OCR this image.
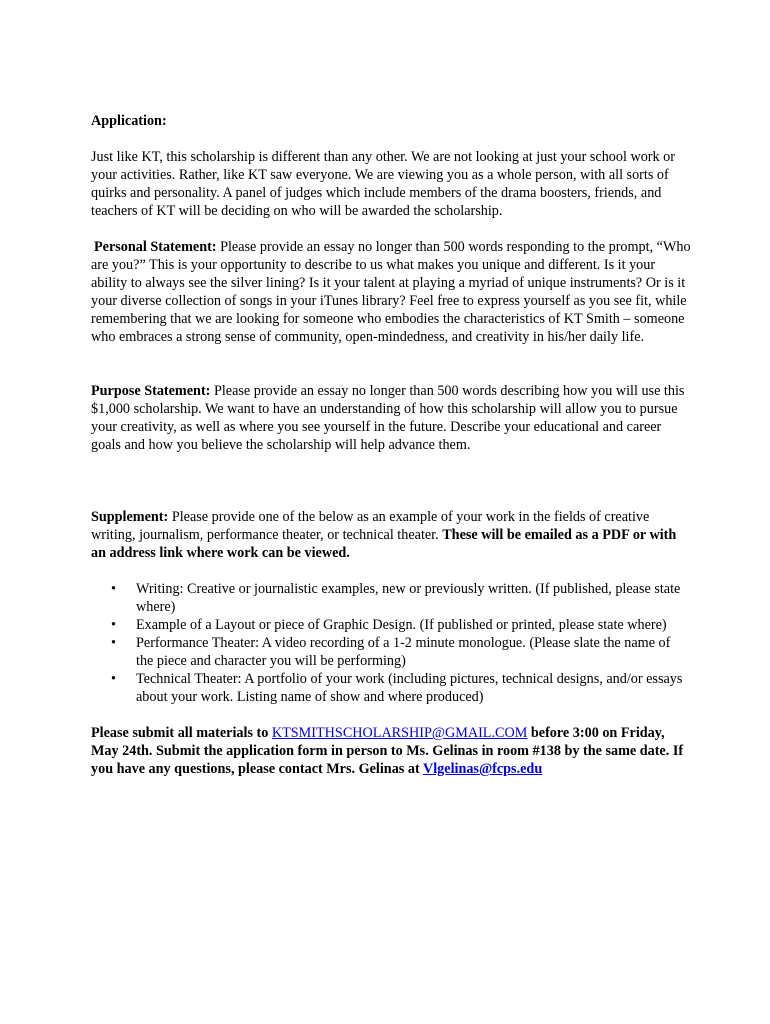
Application:

Just like KT, this scholarship is different than any other. We are not looking at just your school work or your activities. Rather, like KT saw everyone. We are viewing you as a whole person, with all sorts of quirks and personality. A panel of judges which include members of the drama boosters, friends, and teachers of KT will be deciding on who will be awarded the scholarship.

Personal Statement: Please provide an essay no longer than 500 words responding to the prompt, “Who are you?” This is your opportunity to describe to us what makes you unique and different. Is it your ability to always see the silver lining? Is it your talent at playing a myriad of unique instruments? Or is it your diverse collection of songs in your iTunes library? Feel free to express yourself as you see fit, while remembering that we are looking for someone who embodies the characteristics of KT Smith – someone who embraces a strong sense of community, open-mindedness, and creativity in his/her daily life.

Purpose Statement: Please provide an essay no longer than 500 words describing how you will use this $1,000 scholarship. We want to have an understanding of how this scholarship will allow you to pursue your creativity, as well as where you see yourself in the future. Describe your educational and career goals and how you believe the scholarship will help advance them.

Supplement: Please provide one of the below as an example of your work in the fields of creative writing, journalism, performance theater, or technical theater. These will be emailed as a PDF or with an address link where work can be viewed.

• Writing: Creative or journalistic examples, new or previously written. (If published, please state where)
• Example of a Layout or piece of Graphic Design. (If published or printed, please state where)
• Performance Theater: A video recording of a 1-2 minute monologue. (Please slate the name of the piece and character you will be performing)
• Technical Theater: A portfolio of your work (including pictures, technical designs, and/or essays about your work. Listing name of show and where produced)

Please submit all materials to KTSMITHSCHOLARSHIP@GMAIL.COM before 3:00 on Friday, May 24th. Submit the application form in person to Ms. Gelinas in room #138 by the same date. If you have any questions, please contact Mrs. Gelinas at Vlgelinas@fcps.edu
